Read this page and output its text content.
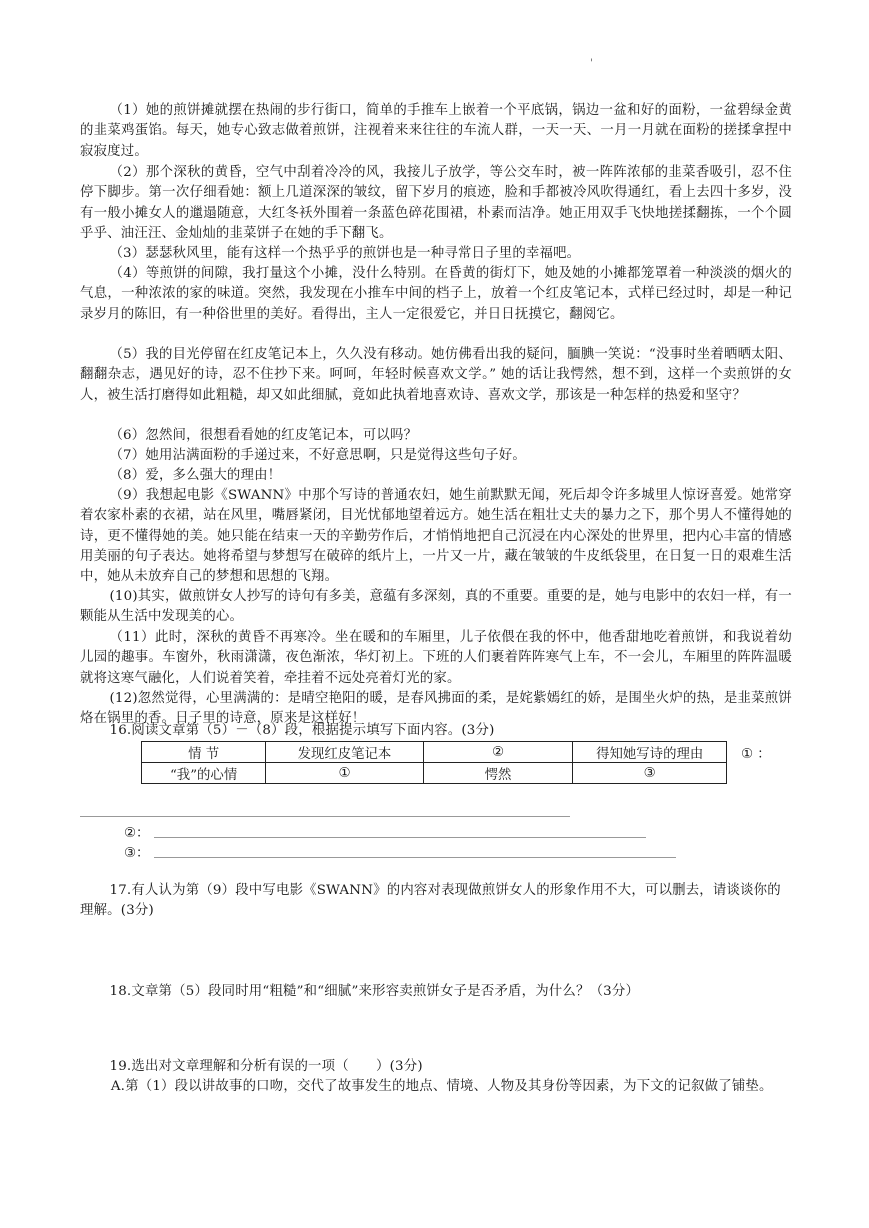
'

（1）她的煎饼摊就摆在热闹的步行街口，简单的手推车上嵌着一个平底锅，锅边一盆和好的面粉，一盆碧绿金黄的韭菜鸡蛋馅。每天，她专心致志做着煎饼，注视着来来往往的车流人群，一天一天、一月一月就在面粉的搓揉拿捏中寂寂度过。

（2）那个深秋的黄昏，空气中刮着冷冷的风，我接儿子放学，等公交车时，被一阵阵浓郁的韭菜香吸引，忍不住停下脚步。第一次仔细看她：额上几道深深的皱纹，留下岁月的痕迹，脸和手都被冷风吹得通红，看上去四十多岁，没有一般小摊女人的邋遢随意，大红冬袄外围着一条蓝色碎花围裙，朴素而洁净。她正用双手飞快地搓揉翻拣，一个个圆乎乎、油汪汪、金灿灿的韭菜饼子在她的手下翻飞。

（3）瑟瑟秋风里，能有这样一个热乎乎的煎饼也是一种寻常日子里的幸福吧。

（4）等煎饼的间隙，我打量这个小摊，没什么特别。在昏黄的街灯下，她及她的小摊都笼罩着一种淡淡的烟火的气息，一种浓浓的家的味道。突然，我发现在小推车中间的档子上，放着一个红皮笔记本，式样已经过时，却是一种记录岁月的陈旧，有一种俗世里的美好。看得出，主人一定很爱它，并日日抚摸它，翻阅它。

（5）我的目光停留在红皮笔记本上，久久没有移动。她仿佛看出我的疑问，腼腆一笑说：“没事时坐着晒晒太阳、翻翻杂志，遇见好的诗，忍不住抄下来。呵呵，年轻时候喜欢文学。” 她的话让我愕然，想不到，这样一个卖煎饼的女人，被生活打磨得如此粗糙，却又如此细腻，竟如此执着地喜欢诗、喜欢文学，那该是一种怎样的热爱和坚守？

（6）忽然间，很想看看她的红皮笔记本，可以吗？

（7）她用沾满面粉的手递过来，不好意思啊，只是觉得这些句子好。

（8）爱，多么强大的理由！

（9）我想起电影《SWANN》中那个写诗的普通农妇，她生前默默无闻，死后却令许多城里人惊讶喜爱。她常穿着农家朴素的衣裙，站在风里，嘴唇紧闭，目光忧郁地望着远方。她生活在粗壮丈夫的暴力之下，那个男人不懂得她的诗，更不懂得她的美。她只能在结束一天的辛勤劳作后，才悄悄地把自己沉浸在内心深处的世界里，把内心丰富的情感用美丽的句子表达。她将希望与梦想写在破碎的纸片上，一片又一片，藏在皱皱的牛皮纸袋里，在日复一日的艰难生活中，她从未放弃自己的梦想和思想的飞翔。

(10)其实，做煎饼女人抄写的诗句有多美，意蕴有多深刻，真的不重要。重要的是，她与电影中的农妇一样，有一颗能从生活中发现美的心。

（11）此时，深秋的黄昏不再寒冷。坐在暖和的车厢里，儿子依偎在我的怀中，他香甜地吃着煎饼，和我说着幼儿园的趣事。车窗外，秋雨潇潇，夜色渐浓，华灯初上。下班的人们裹着阵阵寒气上车，不一会儿，车厢里的阵阵温暖就将这寒气融化，人们说着笑着，牵挂着不远处亮着灯光的家。

(12)忽然觉得，心里满满的：是晴空艳阳的暖，是春风拂面的柔，是姹紫嫣红的娇，是围坐火炉的热，是韭菜煎饼烙在锅里的香。日子里的诗意，原来是这样好！

16.阅读文章第（5）－（8）段，根据提示填写下面内容。(3分)

情 节	发现红皮笔记本	②	得知她写诗的理由
“我”的心情	①	愕然	③
① ：
②：
③：

17.有人认为第（9）段中写电影《SWANN》的内容对表现做煎饼女人的形象作用不大，可以删去，请谈谈你的理解。(3分)

18.文章第（5）段同时用“粗糙”和“细腻”来形容卖煎饼女子是否矛盾，为什么？（3分）

19.选出对文章理解和分析有误的一项（　　）(3分)

A.第（1）段以讲故事的口吻，交代了故事发生的地点、情境、人物及其身份等因素，为下文的记叙做了铺垫。
